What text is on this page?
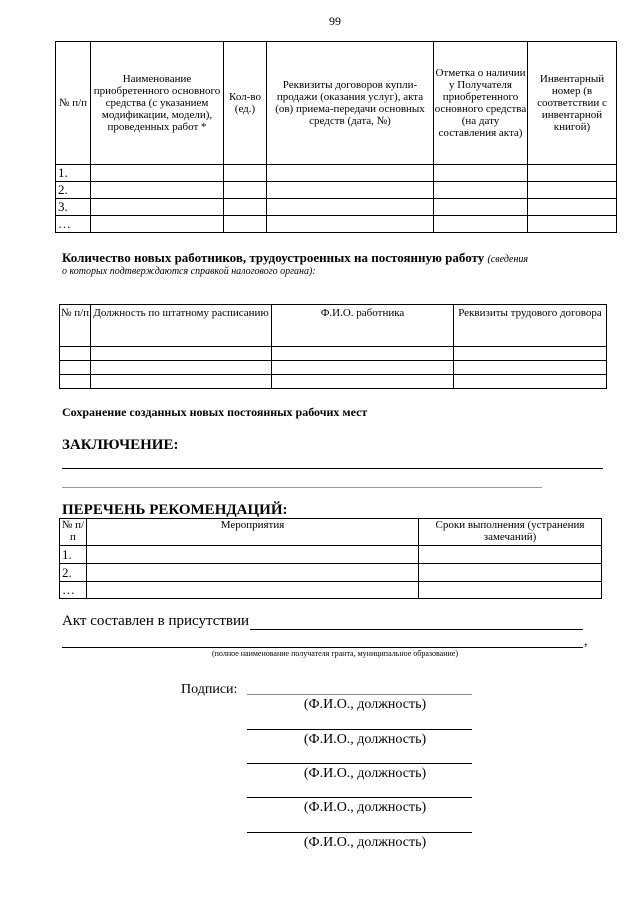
99
№ п/п	Наименование приобретенного основного средства (с указанием модификации, модели), проведенных работ *	Кол-во (ед.)	Реквизиты договоров купли-продажи (оказания услуг), акта (ов) приема-передачи основных средств (дата, №)	Отметка о наличии у Получателя приобретенного основного средства (на дату составления акта)	Инвентарный номер (в соответствии с инвентарной книгой)
1.					
2.					
3.					
…					
Количество новых работников, трудоустроенных на постоянную работу (сведения
о которых подтверждаются справкой налогового органа):
№ п/п	Должность по штатному расписанию	Ф.И.О. работника	Реквизиты трудового договора

Сохранение созданных новых постоянных рабочих мест
ЗАКЛЮЧЕНИЕ:
ПЕРЕЧЕНЬ РЕКОМЕНДАЦИЙ:
№ п/п	Мероприятия	Сроки выполнения (устранения замечаний)
1.		
2.		
…		
Акт составлен в присутствии
,
(полное наименование получателя гранта, муниципальное образование)
Подписи:
(Ф.И.О., должность)
(Ф.И.О., должность)
(Ф.И.О., должность)
(Ф.И.О., должность)
(Ф.И.О., должность)
